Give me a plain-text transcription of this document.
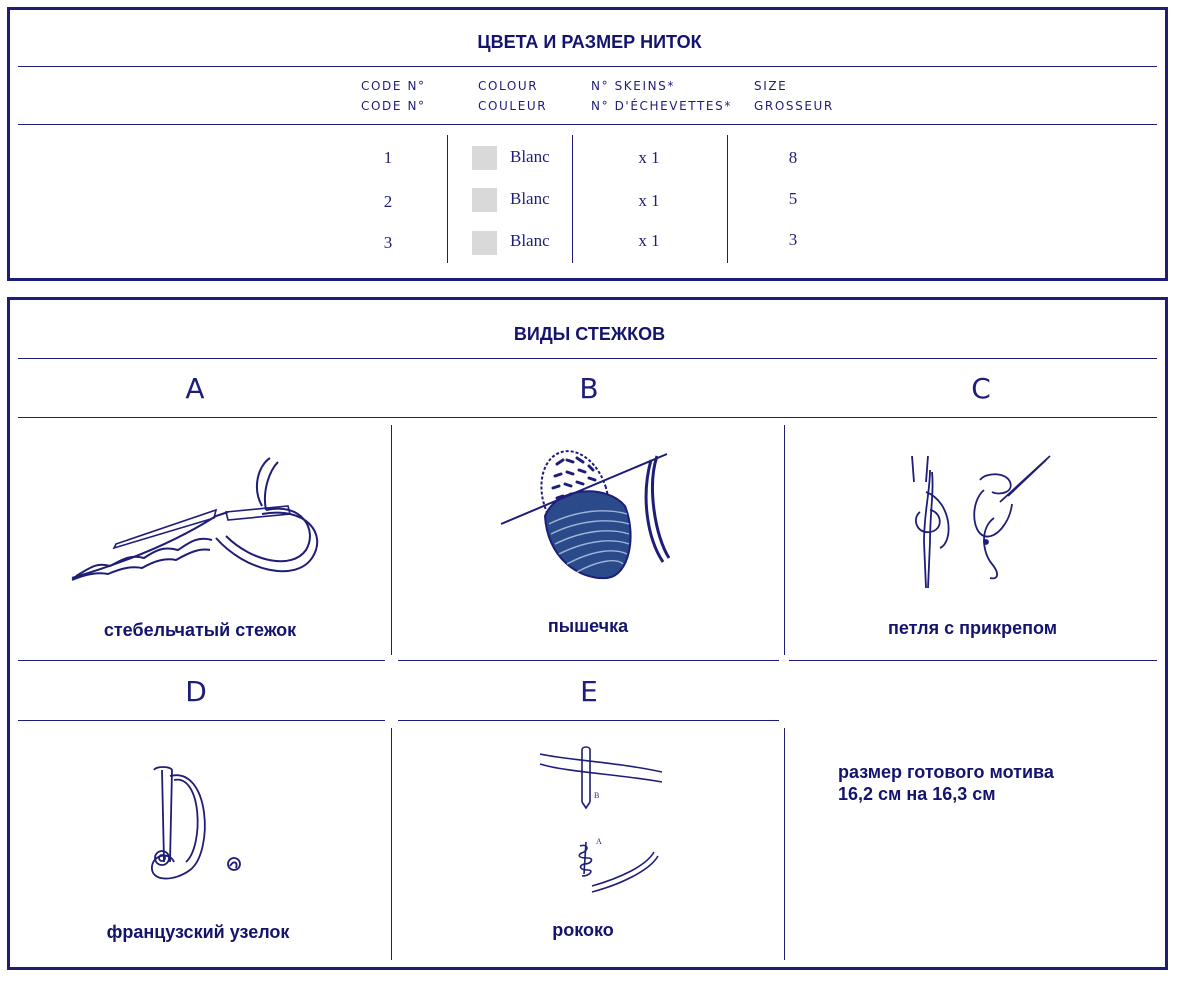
ЦВЕТА И РАЗМЕР НИТОК
CODE N°
CODE N°
COLOUR
COULEUR
N° SKEINS*
N° D'ÉCHEVETTES*
SIZE
GROSSEUR
1	Blanc	x 1	8
2	Blanc	x 1	5
3	Blanc	x 1	3
ВИДЫ СТЕЖКОВ
A	B	C
стебельчатый стежок	пышечка	петля с прикрепом
D	E
французский узелок
B
A
рококо
размер готового мотива
16,2 см на 16,3 см
